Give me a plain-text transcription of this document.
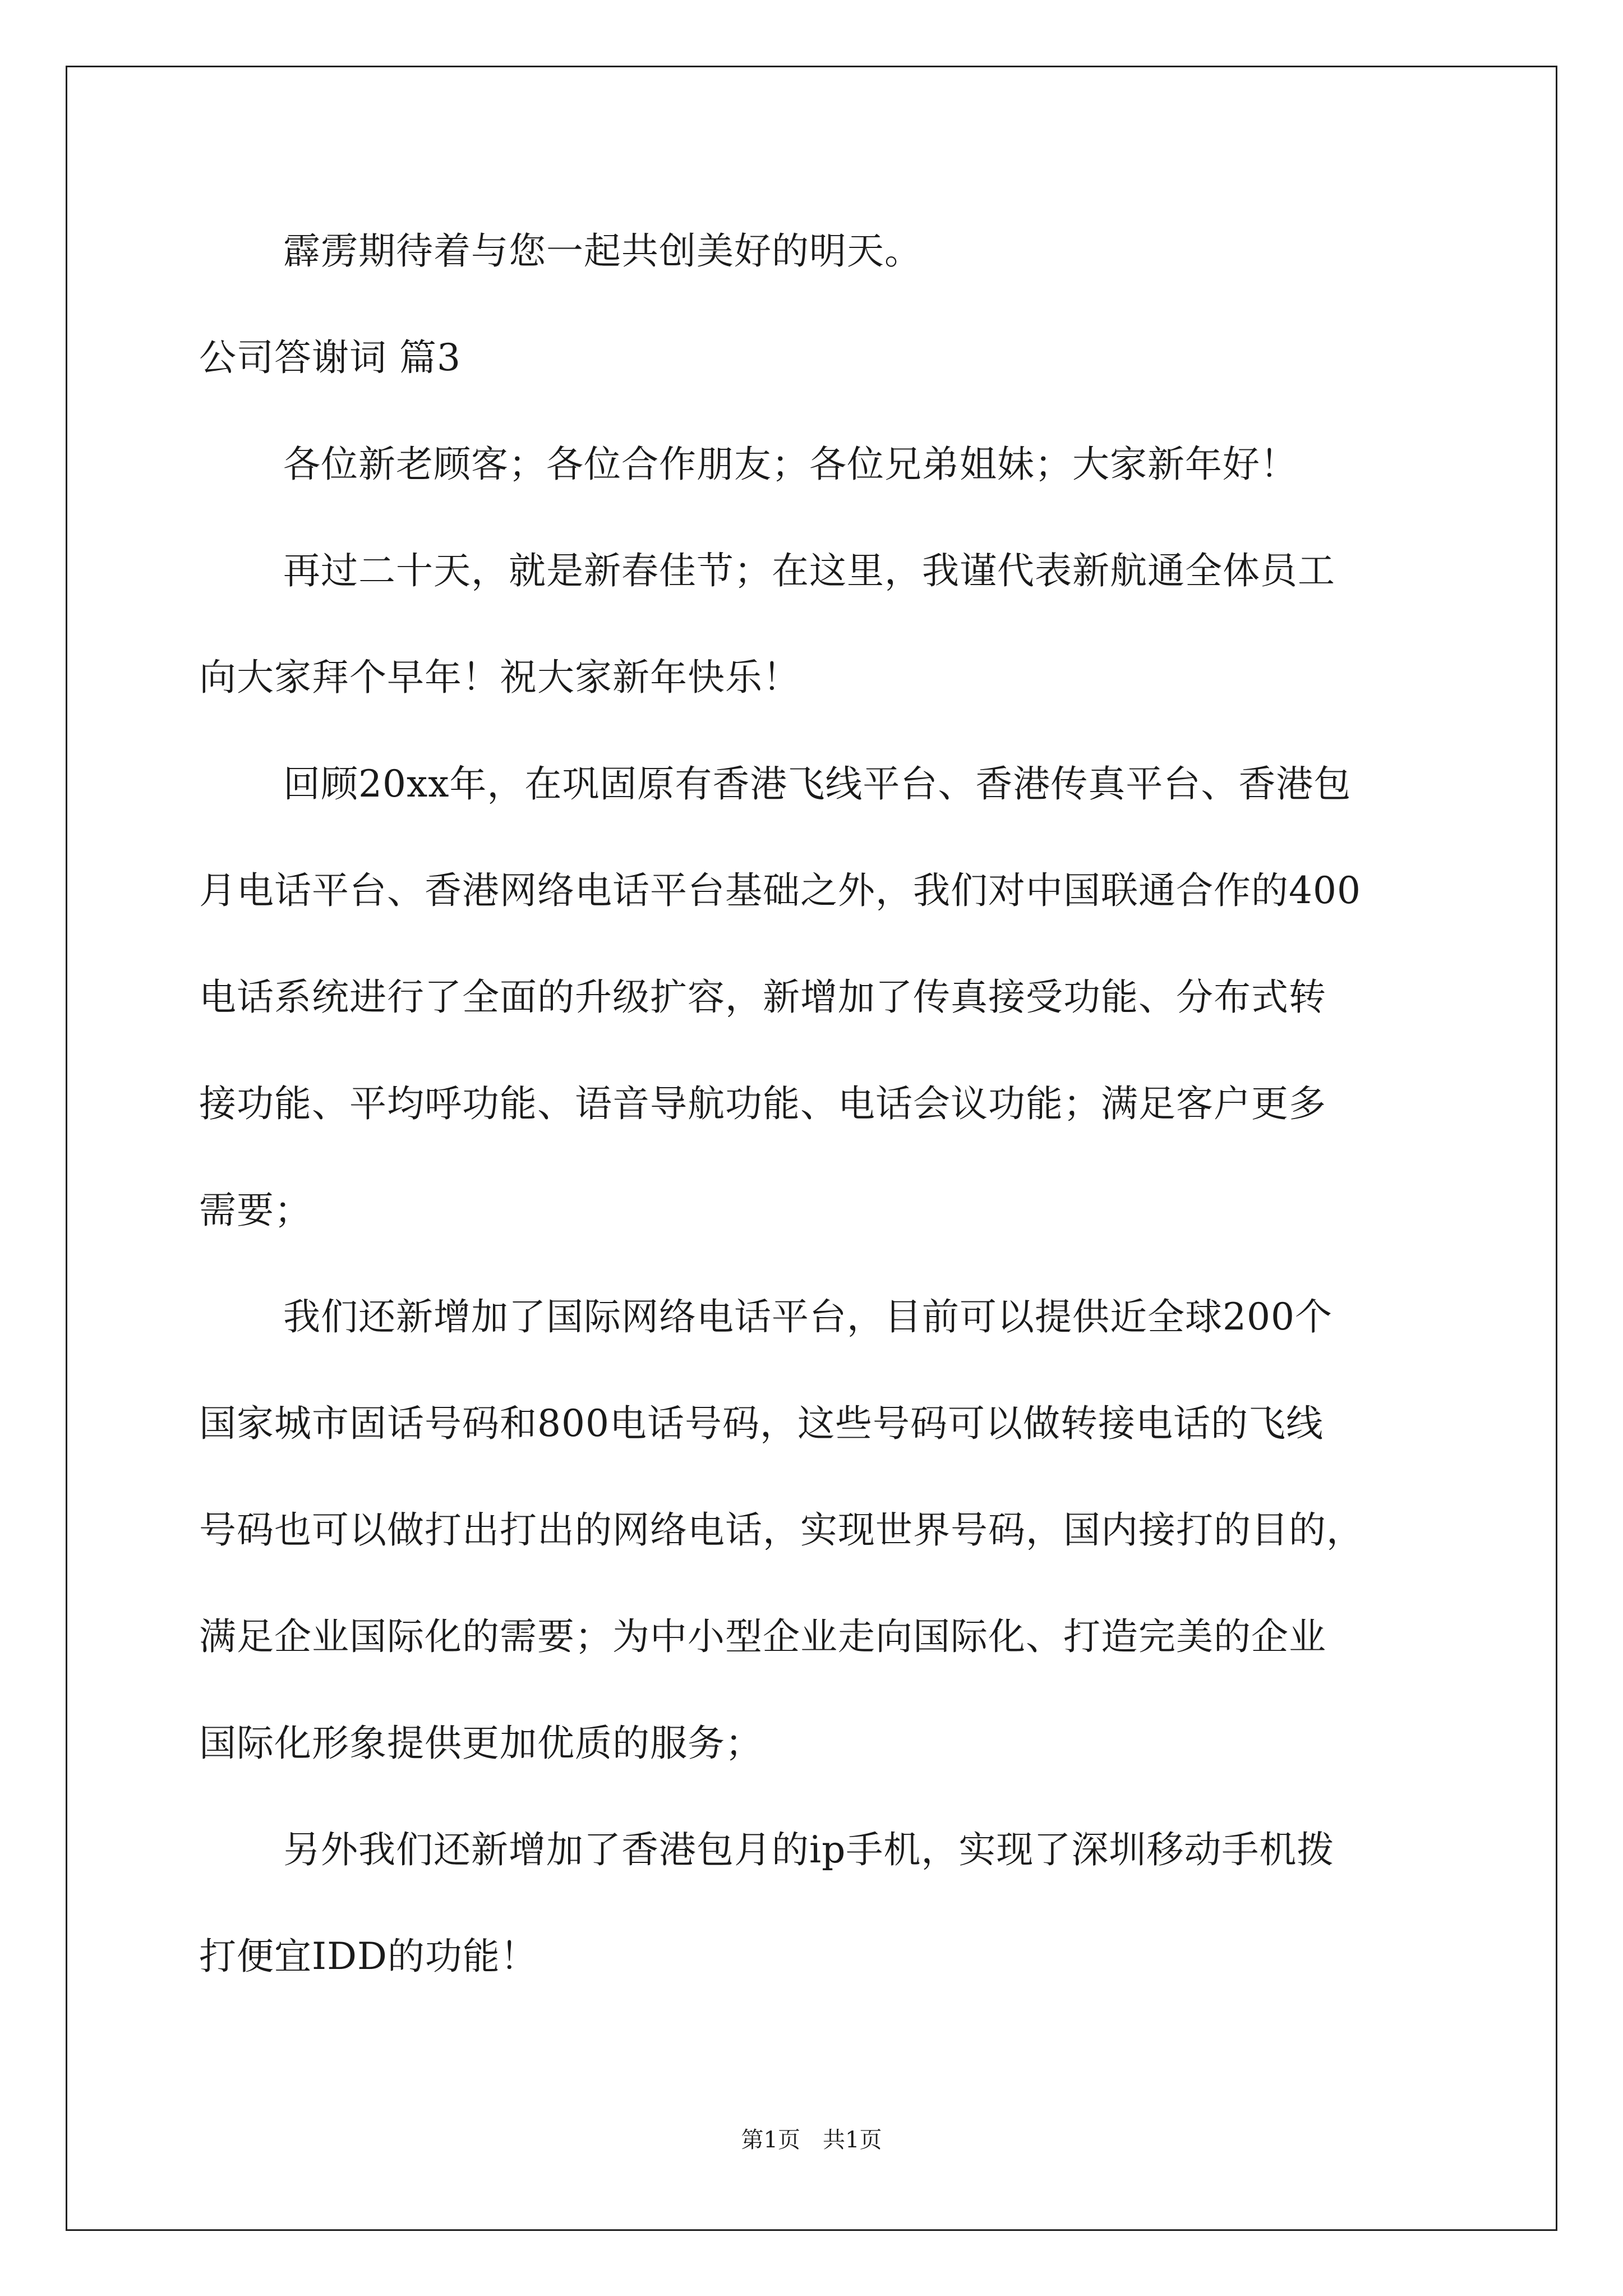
霹雳期待着与您一起共创美好的明天。
公司答谢词 篇3
各位新老顾客；各位合作朋友；各位兄弟姐妹；大家新年好！
再过二十天，就是新春佳节；在这里，我谨代表新航通全体员工
向大家拜个早年！祝大家新年快乐！
回顾20xx年，在巩固原有香港飞线平台、香港传真平台、香港包
月电话平台、香港网络电话平台基础之外，我们对中国联通合作的400
电话系统进行了全面的升级扩容，新增加了传真接受功能、分布式转
接功能、平均呼功能、语音导航功能、电话会议功能；满足客户更多
需要；
我们还新增加了国际网络电话平台，目前可以提供近全球200个
国家城市固话号码和800电话号码，这些号码可以做转接电话的飞线
号码也可以做打出打出的网络电话，实现世界号码，国内接打的目的，
满足企业国际化的需要；为中小型企业走向国际化、打造完美的企业
国际化形象提供更加优质的服务；
另外我们还新增加了香港包月的ip手机，实现了深圳移动手机拨
打便宜IDD的功能！
第1页　共1页
